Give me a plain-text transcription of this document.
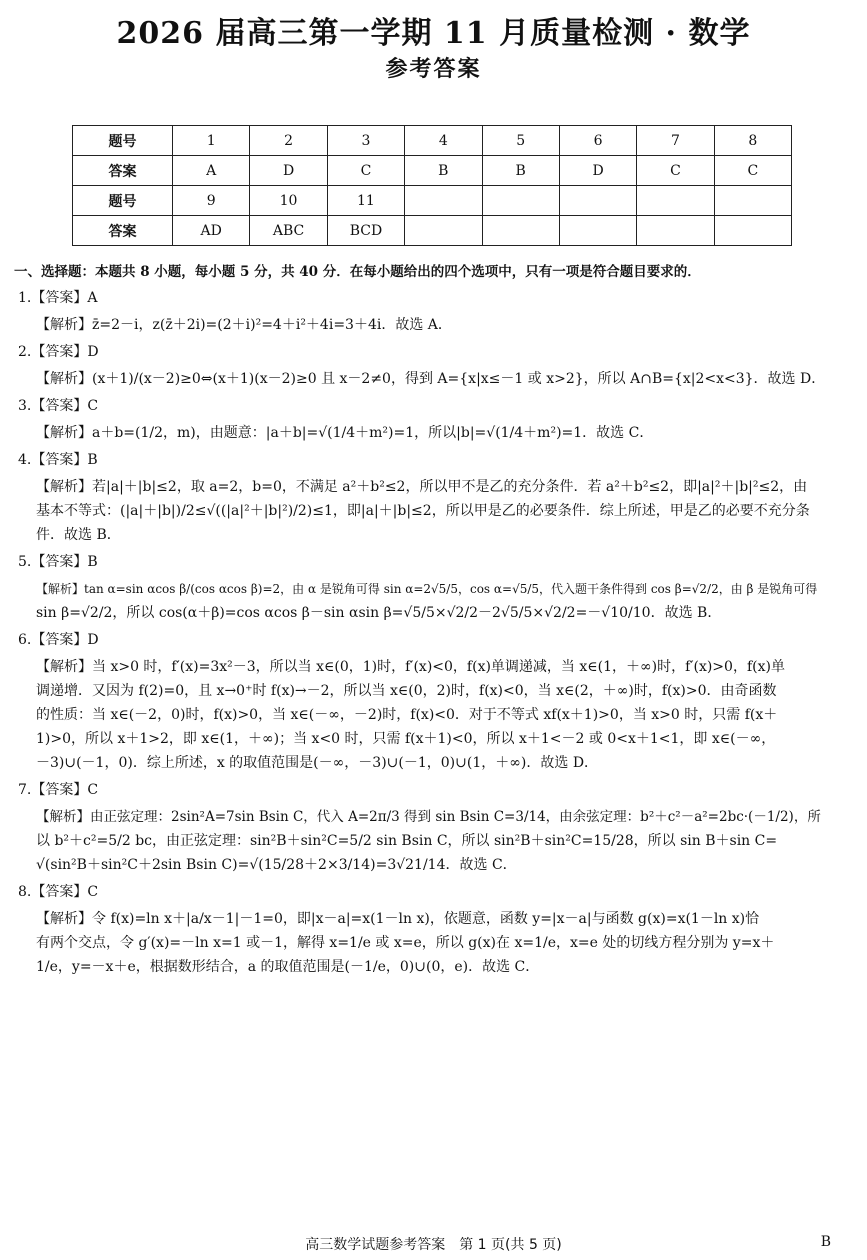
2026 届高三第一学期 11 月质量检测 · 数学
参考答案
题号	1	2	3	4	5	6	7	8
答案	A	D	C	B	B	D	C	C
题号	9	10	11					
答案	AD	ABC	BCD					
一、选择题：本题共 8 小题，每小题 5 分，共 40 分．在每小题给出的四个选项中，只有一项是符合题目要求的．
1.【答案】A
【解析】z̄=2－i，z(z̄＋2i)=(2＋i)²=4＋i²＋4i=3＋4i．故选 A．
2.【答案】D
【解析】(x＋1)/(x－2)≥0⇔(x＋1)(x－2)≥0 且 x－2≠0，得到 A={x|x≤－1 或 x>2}，所以 A∩B={x|2<x<3}．故选 D．
3.【答案】C
【解析】a＋b=(1/2，m)，由题意：|a＋b|=√(1/4＋m²)=1，所以|b|=√(1/4＋m²)=1．故选 C．
4.【答案】B
【解析】若|a|＋|b|≤2，取 a=2，b=0，不满足 a²＋b²≤2，所以甲不是乙的充分条件．若 a²＋b²≤2，即|a|²＋|b|²≤2，由
基本不等式：(|a|＋|b|)/2≤√((|a|²＋|b|²)/2)≤1，即|a|＋|b|≤2，所以甲是乙的必要条件．综上所述，甲是乙的必要不充分条
件．故选 B．
5.【答案】B
【解析】tan α=sin αcos β/(cos αcos β)=2，由 α 是锐角可得 sin α=2√5/5，cos α=√5/5，代入题干条件得到 cos β=√2/2，由 β 是锐角可得
sin β=√2/2，所以 cos(α＋β)=cos αcos β－sin αsin β=√5/5×√2/2－2√5/5×√2/2=－√10/10．故选 B．
6.【答案】D
【解析】当 x>0 时，f′(x)=3x²－3，所以当 x∈(0，1)时，f′(x)<0，f(x)单调递减，当 x∈(1，＋∞)时，f′(x)>0，f(x)单
调递增．又因为 f(2)=0，且 x→0⁺时 f(x)→－2，所以当 x∈(0，2)时，f(x)<0，当 x∈(2，＋∞)时，f(x)>0．由奇函数
的性质：当 x∈(－2，0)时，f(x)>0，当 x∈(－∞，－2)时，f(x)<0．对于不等式 xf(x＋1)>0，当 x>0 时，只需 f(x＋
1)>0，所以 x＋1>2，即 x∈(1，＋∞)；当 x<0 时，只需 f(x＋1)<0，所以 x＋1<－2 或 0<x＋1<1，即 x∈(－∞，
－3)∪(－1，0)．综上所述，x 的取值范围是(－∞，－3)∪(－1，0)∪(1，＋∞)．故选 D．
7.【答案】C
【解析】由正弦定理：2sin²A=7sin Bsin C，代入 A=2π/3 得到 sin Bsin C=3/14，由余弦定理：b²＋c²－a²=2bc·(－1/2)，所
以 b²＋c²=5/2 bc，由正弦定理：sin²B＋sin²C=5/2 sin Bsin C，所以 sin²B＋sin²C=15/28，所以 sin B＋sin C=
√(sin²B＋sin²C＋2sin Bsin C)=√(15/28＋2×3/14)=3√21/14．故选 C．
8.【答案】C
【解析】令 f(x)=ln x＋|a/x－1|－1=0，即|x－a|=x(1－ln x)，依题意，函数 y=|x－a|与函数 g(x)=x(1－ln x)恰
有两个交点，令 g′(x)=－ln x=1 或－1，解得 x=1/e 或 x=e，所以 g(x)在 x=1/e，x=e 处的切线方程分别为 y=x＋
1/e，y=－x＋e，根据数形结合，a 的取值范围是(－1/e，0)∪(0，e)．故选 C．
高三数学试题参考答案　第 1 页(共 5 页)	B
